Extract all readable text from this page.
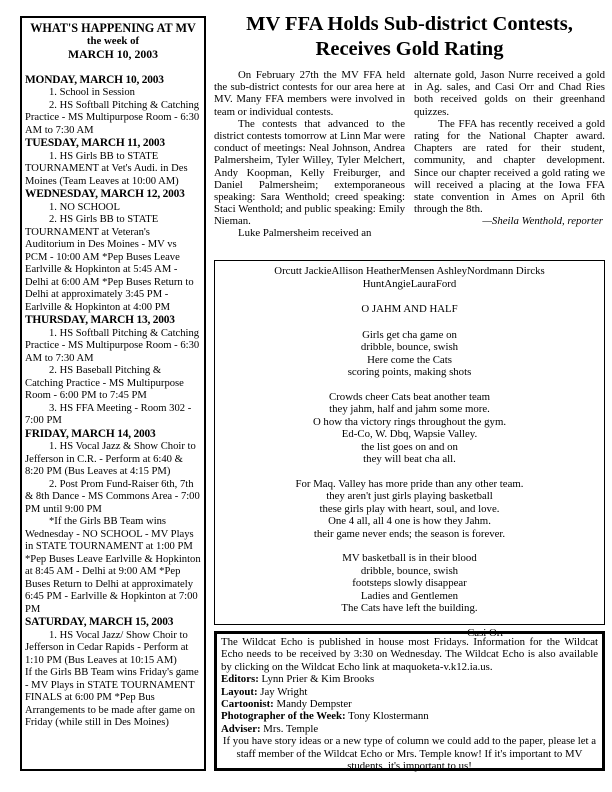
WHAT'S HAPPENING AT MV
the week of
MARCH 10, 2003
MONDAY, MARCH 10, 2003
1. School in Session
2. HS Softball Pitching & Catching Practice - MS Multipurpose Room - 6:30 AM to 7:30 AM
TUESDAY, MARCH 11, 2003
1. HS Girls BB to STATE TOURNAMENT at Vet's Audi. in Des Moines (Team Leaves at 10:00 AM)
WEDNESDAY, MARCH 12, 2003
1. NO SCHOOL
2. HS Girls BB to STATE TOURNAMENT at Veteran's Auditorium in Des Moines - MV vs PCM - 10:00 AM *Pep Buses Leave Earlville & Hopkinton at 5:45 AM - Delhi at 6:00 AM *Pep Buses Return to Delhi at approximately 3:45 PM - Earlville & Hopkinton at 4:00 PM
THURSDAY, MARCH 13, 2003
1. HS Softball Pitching & Catching Practice - MS Multipurpose Room - 6:30 AM to 7:30 AM
2. HS Baseball Pitching & Catching Practice - MS Multipurpose Room - 6:00 PM to 7:45 PM
3. HS FFA Meeting - Room 302 - 7:00 PM
FRIDAY, MARCH 14, 2003
1. HS Vocal Jazz & Show Choir to Jefferson in C.R. - Perform at 6:40 & 8:20 PM (Bus Leaves at 4:15 PM)
2. Post Prom Fund-Raiser 6th, 7th & 8th Dance - MS Commons Area - 7:00 PM until 9:00 PM
*If the Girls BB Team wins Wednesday - NO SCHOOL - MV Plays in STATE TOURNAMENT at 1:00 PM *Pep Buses Leave Earlville & Hopkinton at 8:45 AM - Delhi at 9:00 AM *Pep Buses Return to Delhi at approximately 6:45 PM - Earlville & Hopkinton at 7:00 PM
SATURDAY, MARCH 15, 2003
1. HS Vocal Jazz/ Show Choir to Jefferson in Cedar Rapids - Perform at 1:10 PM (Bus Leaves at 10:15 AM)
If the Girls BB Team wins Friday's game - MV Plays in STATE TOURNAMENT FINALS at 6:00 PM *Pep Bus Arrangements to be made after game on Friday (while still in Des Moines)
MV FFA Holds Sub-district Contests, Receives Gold Rating

On February 27th the MV FFA held the sub-district contests for our area here at MV. Many FFA members were involved in team or individual contests.

The contests that advanced to the district contests tomorrow at Linn Mar were conduct of meetings: Neal Johnson, Andrea Palmersheim, Tyler Willey, Tyler Melchert, Andy Koopman, Kelly Freiburger, and Daniel Palmersheim; extemporaneous speaking: Sara Wenthold; creed speaking: Staci Wenthold; and public speaking: Emily Nieman.

Luke Palmersheim received an

alternate gold, Jason Nurre received a gold in Ag. sales, and Casi Orr and Chad Ries both received golds on their greenhand quizzes.

The FFA has recently received a gold rating for the National Chapter award. Chapters are rated for their student, community, and chapter development. Since our chapter received a gold rating we will received a placing at the Iowa FFA state convention in Ames on April 6th through the 8th.

—Sheila Wenthold, reporter

Orcutt JackieAllison HeatherMensen AshleyNordmann Dircks
HuntAngieLauraFord
O JAHM AND HALF
Girls get cha game on
dribble, bounce, swish
Here come the Cats
scoring points, making shots
Crowds cheer Cats beat another team
they jahm, half and jahm some more.
O how tha victory rings throughout the gym.
Ed-Co, W. Dbq, Wapsie Valley.
the list goes on and on
they will beat cha all.
For Maq. Valley has more pride than any other team.
they aren't just girls playing basketball
these girls play with heart, soul, and love.
One 4 all, all 4 one is how they Jahm.
their game never ends; the season is forever.
MV basketball is in their blood
dribble, bounce, swish
footsteps slowly disappear
Ladies and Gentlemen
The Cats have left the building.
—Casi Orr

The Wildcat Echo is published in house most Fridays. Information for the Wildcat Echo needs to be received by 3:30 on Wednesday. The Wildcat Echo is also available by clicking on the Wildcat Echo link at maquoketa-v.k12.ia.us.

Editors: Lynn Prier & Kim Brooks

Layout: Jay Wright

Cartoonist: Mandy Dempster

Photographer of the Week: Tony Klostermann

Adviser: Mrs. Temple

If you have story ideas or a new type of column we could add to the paper, please let a staff member of the Wildcat Echo or Mrs. Temple know! If it's important to MV students, it's important to us!
